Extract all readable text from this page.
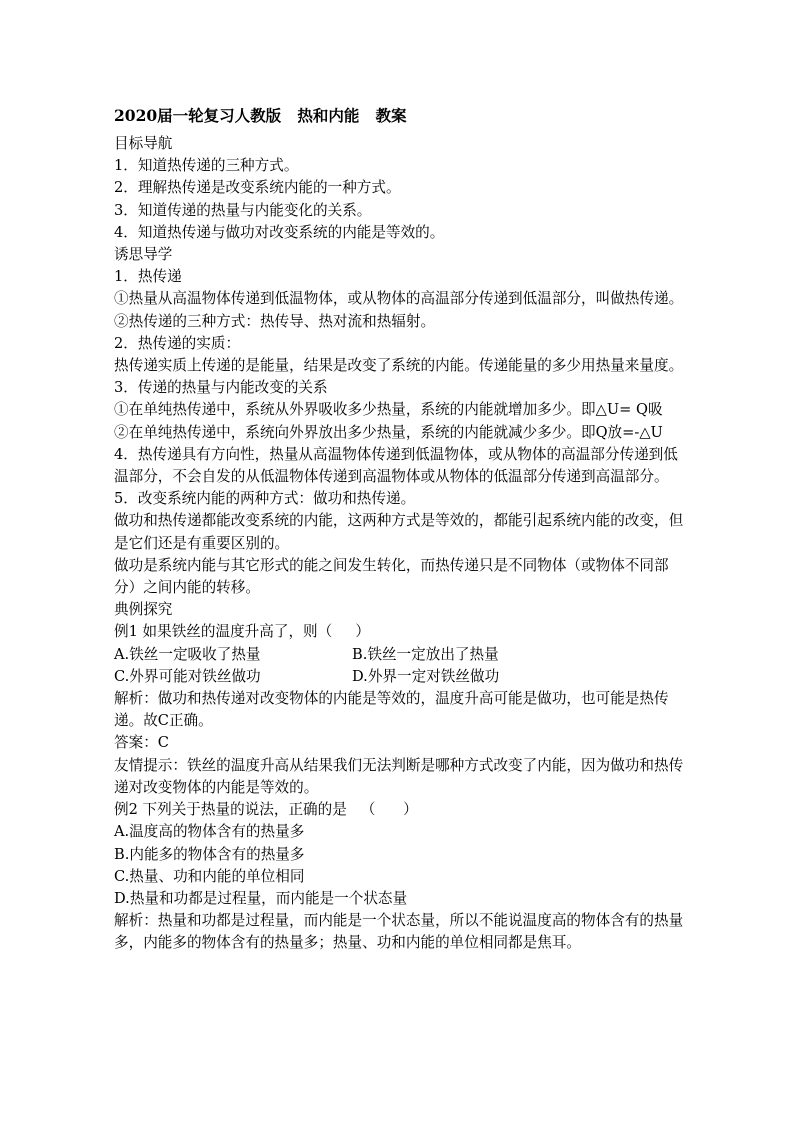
2020届一轮复习人教版   热和内能   教案

目标导航

1．知道热传递的三种方式。

2．理解热传递是改变系统内能的一种方式。

3．知道传递的热量与内能变化的关系。

4．知道热传递与做功对改变系统的内能是等效的。

诱思导学

1．热传递

①热量从高温物体传递到低温物体，或从物体的高温部分传递到低温部分，叫做热传递。

②热传递的三种方式：热传导、热对流和热辐射。

2．热传递的实质：

热传递实质上传递的是能量，结果是改变了系统的内能。传递能量的多少用热量来量度。

3．传递的热量与内能改变的关系

①在单纯热传递中，系统从外界吸收多少热量，系统的内能就增加多少。即△U= Q吸

②在单纯热传递中，系统向外界放出多少热量，系统的内能就减少多少。即Q放=-△U

4．热传递具有方向性，热量从高温物体传递到低温物体，或从物体的高温部分传递到低温部分，不会自发的从低温物体传递到高温物体或从物体的低温部分传递到高温部分。

5．改变系统内能的两种方式：做功和热传递。

做功和热传递都能改变系统的内能，这两种方式是等效的，都能引起系统内能的改变，但是它们还是有重要区别的。

做功是系统内能与其它形式的能之间发生转化，而热传递只是不同物体（或物体不同部分）之间内能的转移。

典例探究

例1 如果铁丝的温度升高了，则（     ）

A.铁丝一定吸收了热量	B.铁丝一定放出了热量
C.外界可能对铁丝做功	D.外界一定对铁丝做功

解析：做功和热传递对改变物体的内能是等效的，温度升高可能是做功，也可能是热传递。故C正确。

答案：C

友情提示：铁丝的温度升高从结果我们无法判断是哪种方式改变了内能，因为做功和热传递对改变物体的内能是等效的。

例2 下列关于热量的说法，正确的是   （      ）

A.温度高的物体含有的热量多

B.内能多的物体含有的热量多

C.热量、功和内能的单位相同

D.热量和功都是过程量，而内能是一个状态量

解析：热量和功都是过程量，而内能是一个状态量，所以不能说温度高的物体含有的热量多，内能多的物体含有的热量多；热量、功和内能的单位相同都是焦耳。
